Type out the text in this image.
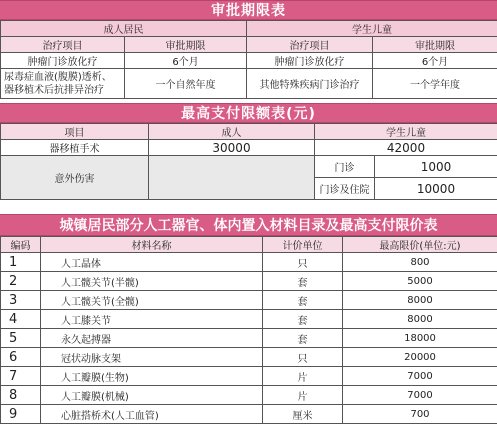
审批期限表
成人居民		学生儿童	
治疗项目	审批期限	治疗项目	审批期限
肿瘤门诊放化疗	6个月	肿瘤门诊放化疗	6个月
尿毒症血液(腹膜)透析、器移植术后抗排异治疗	一个自然年度	其他特殊疾病门诊治疗	一个学年度
最高支付限额表(元)
项目	成人	学生儿童	
器移植手术	30000	42000	
意外伤害		门诊	1000
		门诊及住院	10000
城镇居民部分人工器官、体内置入材料目录及最高支付限价表
编码	材料名称	计价单位	最高限价(单位:元)
1	人工晶体	只	800
2	人工髋关节(半髋)	套	5000
3	人工髋关节(全髋)	套	8000
4	人工膝关节	套	8000
5	永久起搏器	套	18000
6	冠状动脉支架	只	20000
7	人工瓣膜(生物)	片	7000
8	人工瓣膜(机械)	片	7000
9	心脏搭桥术(人工血管)	厘米	700
